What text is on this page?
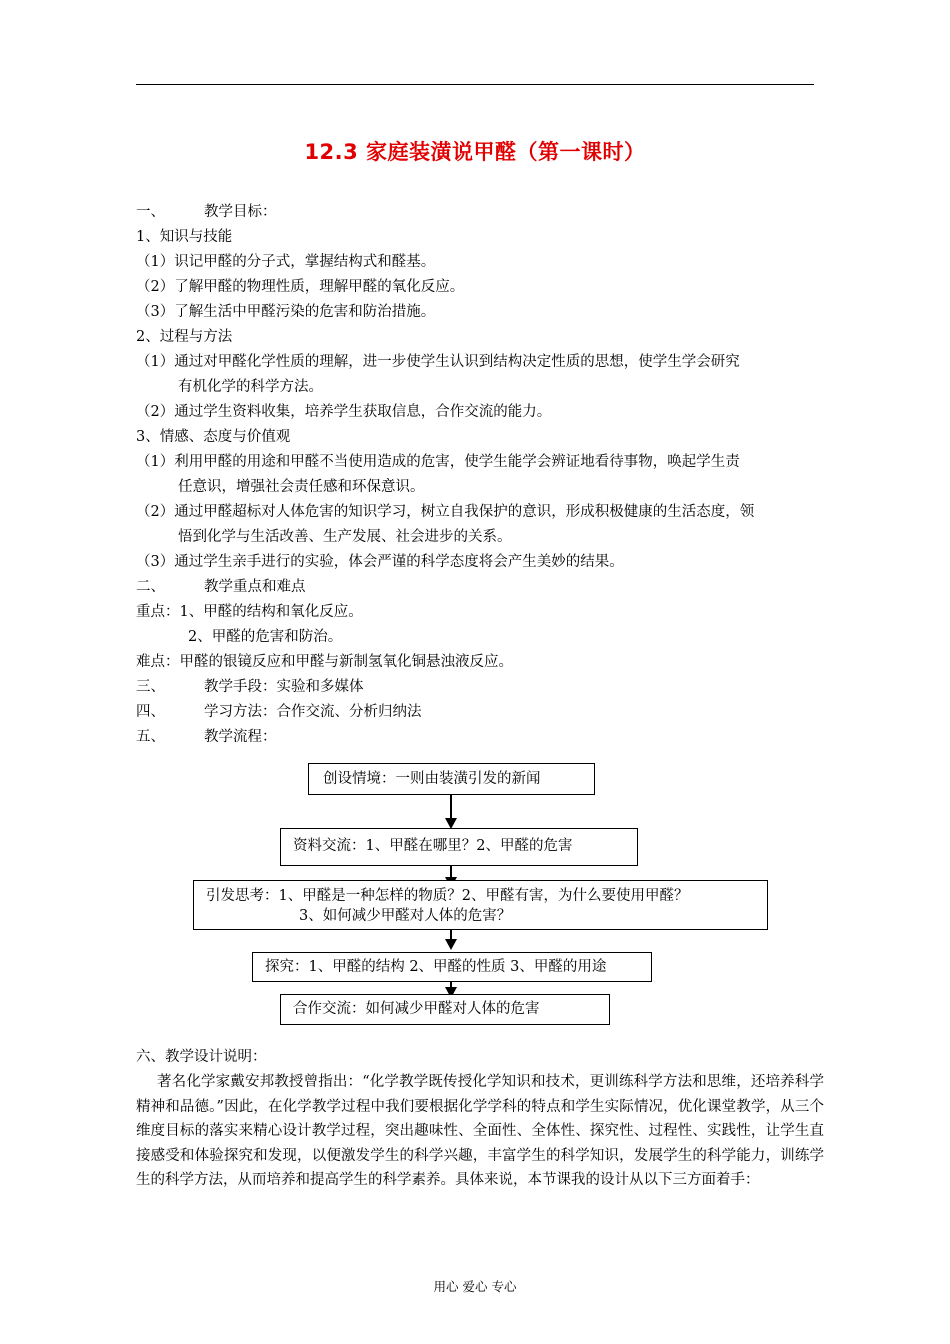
12.3 家庭装潢说甲醛（第一课时）
一、	教学目标：
1、知识与技能
（1）识记甲醛的分子式，掌握结构式和醛基。
（2）了解甲醛的物理性质，理解甲醛的氧化反应。
（3）了解生活中甲醛污染的危害和防治措施。
2、过程与方法
（1）通过对甲醛化学性质的理解，进一步使学生认识到结构决定性质的思想，使学生学会研究
有机化学的科学方法。
（2）通过学生资料收集，培养学生获取信息，合作交流的能力。
3、情感、态度与价值观
（1）利用甲醛的用途和甲醛不当使用造成的危害，使学生能学会辨证地看待事物，唤起学生责
任意识，增强社会责任感和环保意识。
（2）通过甲醛超标对人体危害的知识学习，树立自我保护的意识，形成积极健康的生活态度，领
悟到化学与生活改善、生产发展、社会进步的关系。
（3）通过学生亲手进行的实验，体会严谨的科学态度将会产生美妙的结果。
二、	教学重点和难点
重点：1、甲醛的结构和氧化反应。
2、甲醛的危害和防治。
难点：甲醛的银镜反应和甲醛与新制氢氧化铜悬浊液反应。
三、	教学手段：实验和多媒体
四、	学习方法：合作交流、分析归纳法
五、	教学流程：
创设情境：一则由装潢引发的新闻
资料交流：1、甲醛在哪里？2、甲醛的危害
引发思考：1、甲醛是一种怎样的物质？2、甲醛有害，为什么要使用甲醛？
3、如何减少甲醛对人体的危害？
探究：1、甲醛的结构 2、甲醛的性质 3、甲醛的用途
合作交流：如何减少甲醛对人体的危害
六、教学设计说明：
著名化学家戴安邦教授曾指出：“化学教学既传授化学知识和技术，更训练科学方法和思维，还培养科学精神和品德。”因此，在化学教学过程中我们要根据化学学科的特点和学生实际情况，优化课堂教学，从三个维度目标的落实来精心设计教学过程，突出趣味性、全面性、全体性、探究性、过程性、实践性，让学生直接感受和体验探究和发现，以便激发学生的科学兴趣，丰富学生的科学知识，发展学生的科学能力，训练学生的科学方法，从而培养和提高学生的科学素养。具体来说，本节课我的设计从以下三方面着手：
用心 爱心 专心
